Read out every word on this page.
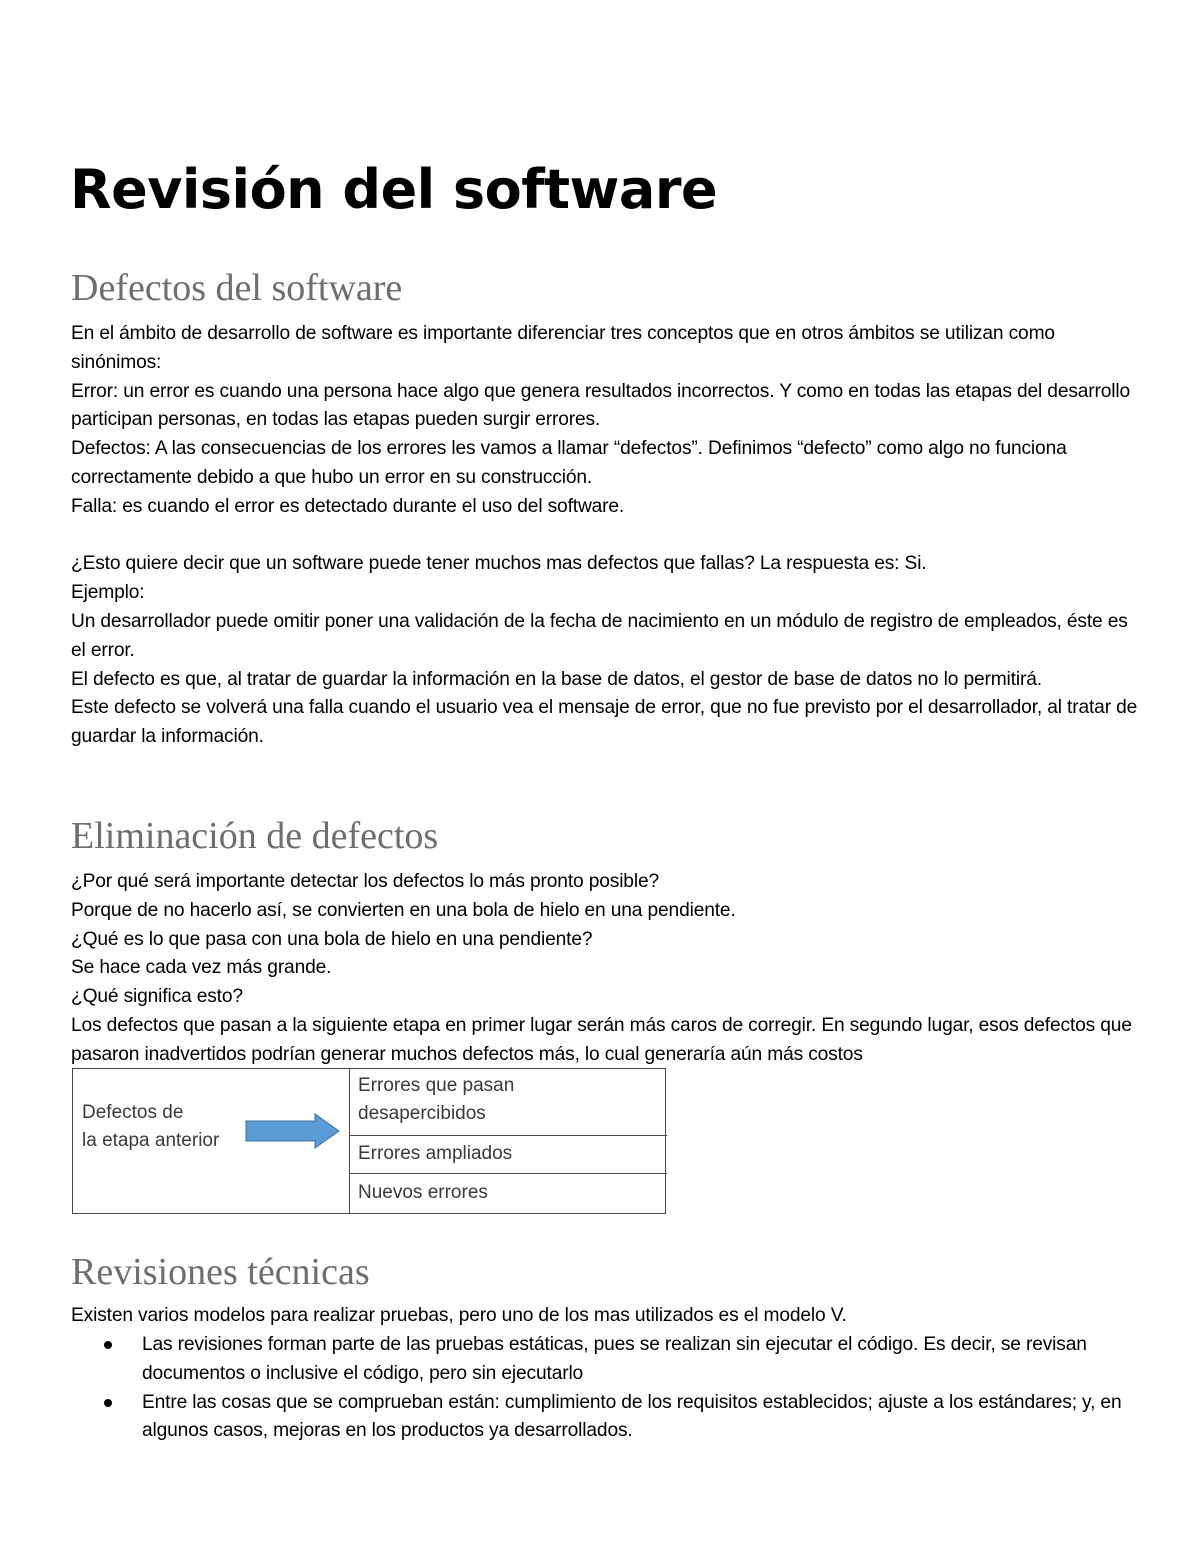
Revisión del software
Defectos del software

En el ámbito de desarrollo de software es importante diferenciar tres conceptos que en otros ámbitos se utilizan como sinónimos:

Error: un error es cuando una persona hace algo que genera resultados incorrectos. Y como en todas las etapas del desarrollo participan personas, en todas las etapas pueden surgir errores.

Defectos: A las consecuencias de los errores les vamos a llamar “defectos”. Definimos “defecto” como algo no funciona correctamente debido a que hubo un error en su construcción.

Falla: es cuando el error es detectado durante el uso del software.

¿Esto quiere decir que un software puede tener muchos mas defectos que fallas? La respuesta es: Si.

Ejemplo:

Un desarrollador puede omitir poner una validación de la fecha de nacimiento en un módulo de registro de empleados, éste es el error.

El defecto es que, al tratar de guardar la información en la base de datos, el gestor de base de datos no lo permitirá.

Este defecto se volverá una falla cuando el usuario vea el mensaje de error, que no fue previsto por el desarrollador, al tratar de guardar la información.

Eliminación de defectos

¿Por qué será importante detectar los defectos lo más pronto posible?

Porque de no hacerlo así, se convierten en una bola de hielo en una pendiente.

¿Qué es lo que pasa con una bola de hielo en una pendiente?

Se hace cada vez más grande.

¿Qué significa esto?

Los defectos que pasan a la siguiente etapa en primer lugar serán más caros de corregir. En segundo lugar, esos defectos que pasaron inadvertidos podrían generar muchos defectos más, lo cual generaría aún más costos

Defectos de
la etapa anterior
Errores que pasan
desapercibidos
Errores ampliados
Nuevos errores
Revisiones técnicas

Existen varios modelos para realizar pruebas, pero uno de los mas utilizados es el modelo V.

Las revisiones forman parte de las pruebas estáticas, pues se realizan sin ejecutar el código. Es decir, se revisan documentos o inclusive el código, pero sin ejecutarlo
Entre las cosas que se comprueban están: cumplimiento de los requisitos establecidos; ajuste a los estándares; y, en algunos casos, mejoras en los productos ya desarrollados.
